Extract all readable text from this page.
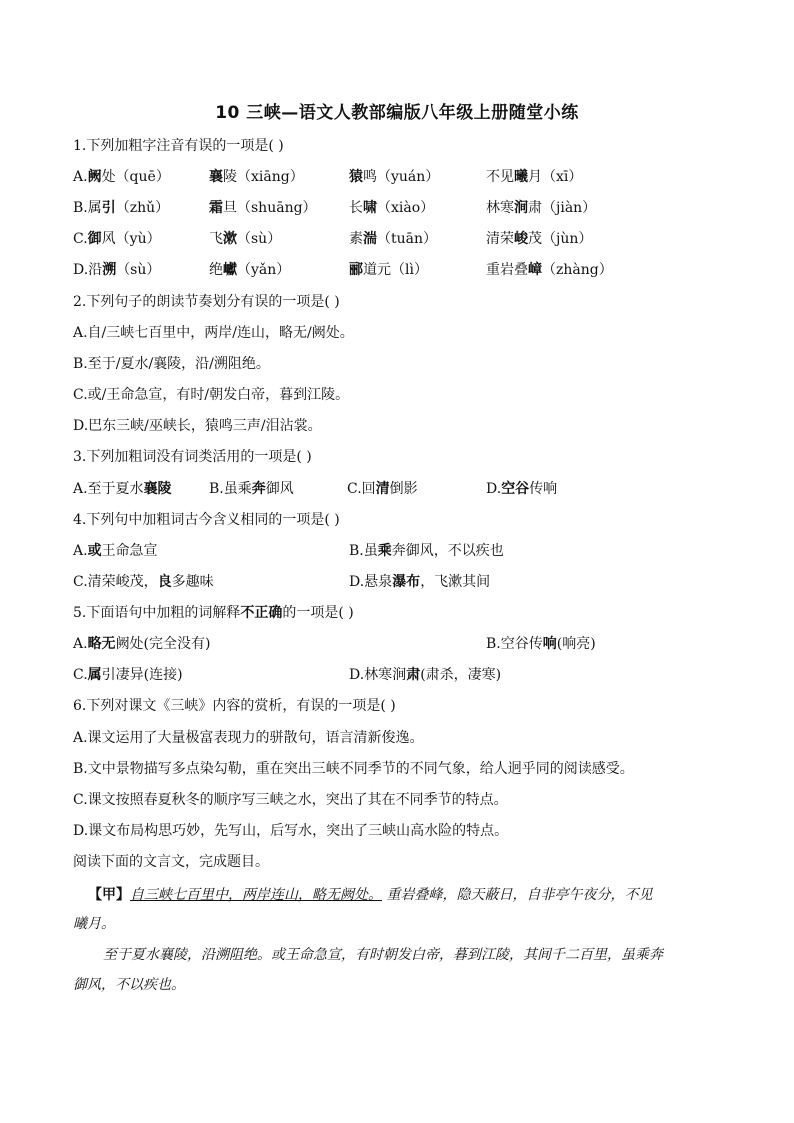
10 三峡—语文人教部编版八年级上册随堂小练
1.下列加粗字注音有误的一项是( )
A.阙处（quē）	襄陵（xiāng）	猿鸣（yuán）	不见曦月（xī）
B.属引（zhǔ）	霜旦（shuāng） 长啸（xiào）	林寒涧肃（jiàn）
C.御风（yù）	飞漱（sù）	素湍（tuān）	清荣峻茂（jùn）
D.沿溯（sù）	绝巘（yǎn）	郦道元（lì）	重岩叠嶂（zhàng）
2.下列句子的朗读节奏划分有误的一项是( )
A.自/三峡七百里中，两岸/连山，略无/阙处。
B.至于/夏水/襄陵，沿/溯阻绝。
C.或/王命急宣，有时/朝发白帝，暮到江陵。
D.巴东三峡/巫峡长，猿鸣三声/泪沾裳。
3.下列加粗词没有词类活用的一项是( )
A.至于夏水襄陵	B.虽乘奔御风	C.回清倒影	D.空谷传响
4.下列句中加粗词古今含义相同的一项是( )
A.或王命急宣	B.虽乘奔御风，不以疾也
C.清荣峻茂，良多趣味	D.悬泉瀑布，飞漱其间
5.下面语句中加粗的词解释不正确的一项是( )
A.略无阙处(完全没有)	B.空谷传响(响亮)
C.属引凄异(连接)	D.林寒涧肃(肃杀，凄寒)
6.下列对课文《三峡》内容的赏析，有误的一项是( )
A.课文运用了大量极富表现力的骈散句，语言清新俊逸。
B.文中景物描写多点染勾勒，重在突出三峡不同季节的不同气象，给人迥乎同的阅读感受。
C.课文按照春夏秋冬的顺序写三峡之水，突出了其在不同季节的特点。
D.课文布局构思巧妙，先写山，后写水，突出了三峡山高水险的特点。
阅读下面的文言文，完成题目。
【甲】自三峡七百里中，两岸连山，略无阙处。 重岩叠峰，隐天蔽日，自非亭午夜分，不见
曦月。
至于夏水襄陵，沿溯阻绝。或王命急宣，有时朝发白帝，暮到江陵，其间千二百里，虽乘奔
御风，不以疾也。
